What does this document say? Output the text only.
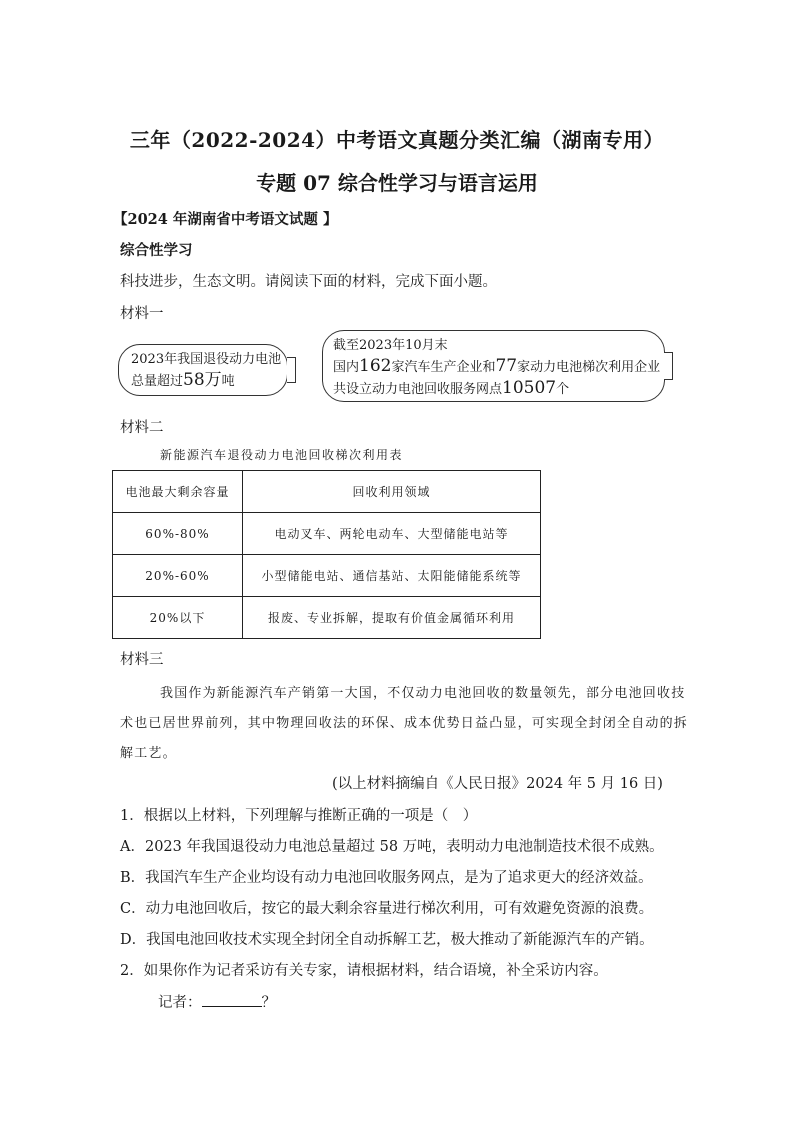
三年（2022-2024）中考语文真题分类汇编（湖南专用）
专题 07 综合性学习与语言运用
【2024 年湖南省中考语文试题 】
综合性学习
科技进步，生态文明。请阅读下面的材料，完成下面小题。
材料一
2023年我国退役动力电池
总量超过58万吨
截至2023年10月末
国内162家汽车生产企业和77家动力电池梯次利用企业
共设立动力电池回收服务网点10507个
材料二
新能源汽车退役动力电池回收梯次利用表
电池最大剩余容量	回收利用领域
60%-80%	电动叉车、两轮电动车、大型储能电站等
20%-60%	小型储能电站、通信基站、太阳能储能系统等
20%以下	报废、专业拆解，提取有价值金属循环利用
材料三
我国作为新能源汽车产销第一大国，不仅动力电池回收的数量领先，部分电池回收技
术也已居世界前列，其中物理回收法的环保、成本优势日益凸显，可实现全封闭全自动的拆
解工艺。
(以上材料摘编自《人民日报》2024 年 5 月 16 日)
1．根据以上材料，下列理解与推断正确的一项是（　）
A．2023 年我国退役动力电池总量超过 58 万吨，表明动力电池制造技术很不成熟。
B．我国汽车生产企业均设有动力电池回收服务网点，是为了追求更大的经济效益。
C．动力电池回收后，按它的最大剩余容量进行梯次利用，可有效避免资源的浪费。
D．我国电池回收技术实现全封闭全自动拆解工艺，极大推动了新能源汽车的产销。
2．如果你作为记者采访有关专家，请根据材料，结合语境，补全采访内容。
记者：	？
